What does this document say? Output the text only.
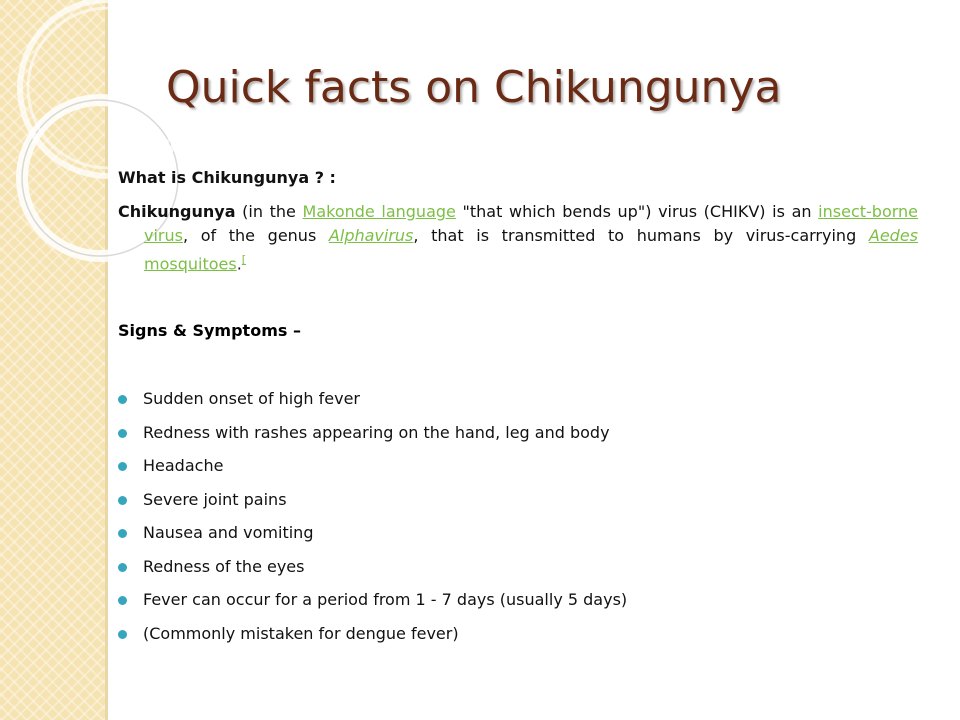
Quick facts on Chikungunya

What is Chikungunya ? :

Chikungunya (in the Makonde language "that which bends up") virus (CHIKV) is an insect-borne virus, of the genus Alphavirus, that is transmitted to humans by virus-carrying Aedes mosquitoes.[

Signs & Symptoms –

Sudden onset of high fever
Redness with rashes appearing on the hand, leg and body
Headache
Severe joint pains
Nausea and vomiting
Redness of the eyes
Fever can occur for a period from 1 - 7 days (usually 5 days)
(Commonly mistaken for dengue fever)
